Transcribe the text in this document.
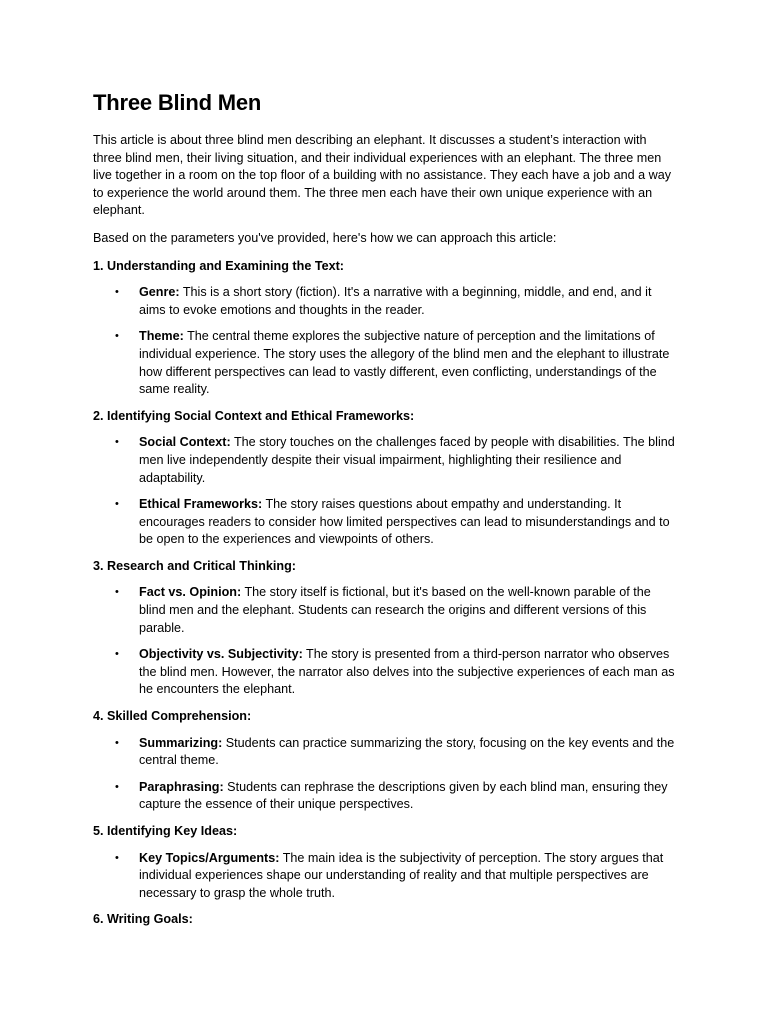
Three Blind Men

This article is about three blind men describing an elephant. It discusses a student’s interaction with three blind men, their living situation, and their individual experiences with an elephant. The three men live together in a room on the top floor of a building with no assistance. They each have a job and a way to experience the world around them. The three men each have their own unique experience with an elephant.

Based on the parameters you've provided, here's how we can approach this article:

1. Understanding and Examining the Text:
• Genre: This is a short story (fiction). It's a narrative with a beginning, middle, and end, and it aims to evoke emotions and thoughts in the reader.
• Theme: The central theme explores the subjective nature of perception and the limitations of individual experience. The story uses the allegory of the blind men and the elephant to illustrate how different perspectives can lead to vastly different, even conflicting, understandings of the same reality.
2. Identifying Social Context and Ethical Frameworks:
• Social Context: The story touches on the challenges faced by people with disabilities. The blind men live independently despite their visual impairment, highlighting their resilience and adaptability.
• Ethical Frameworks: The story raises questions about empathy and understanding. It encourages readers to consider how limited perspectives can lead to misunderstandings and to be open to the experiences and viewpoints of others.
3. Research and Critical Thinking:
• Fact vs. Opinion: The story itself is fictional, but it's based on the well-known parable of the blind men and the elephant. Students can research the origins and different versions of this parable.
• Objectivity vs. Subjectivity: The story is presented from a third-person narrator who observes the blind men. However, the narrator also delves into the subjective experiences of each man as he encounters the elephant.
4. Skilled Comprehension:
• Summarizing: Students can practice summarizing the story, focusing on the key events and the central theme.
• Paraphrasing: Students can rephrase the descriptions given by each blind man, ensuring they capture the essence of their unique perspectives.
5. Identifying Key Ideas:
• Key Topics/Arguments: The main idea is the subjectivity of perception. The story argues that individual experiences shape our understanding of reality and that multiple perspectives are necessary to grasp the whole truth.
6. Writing Goals:
